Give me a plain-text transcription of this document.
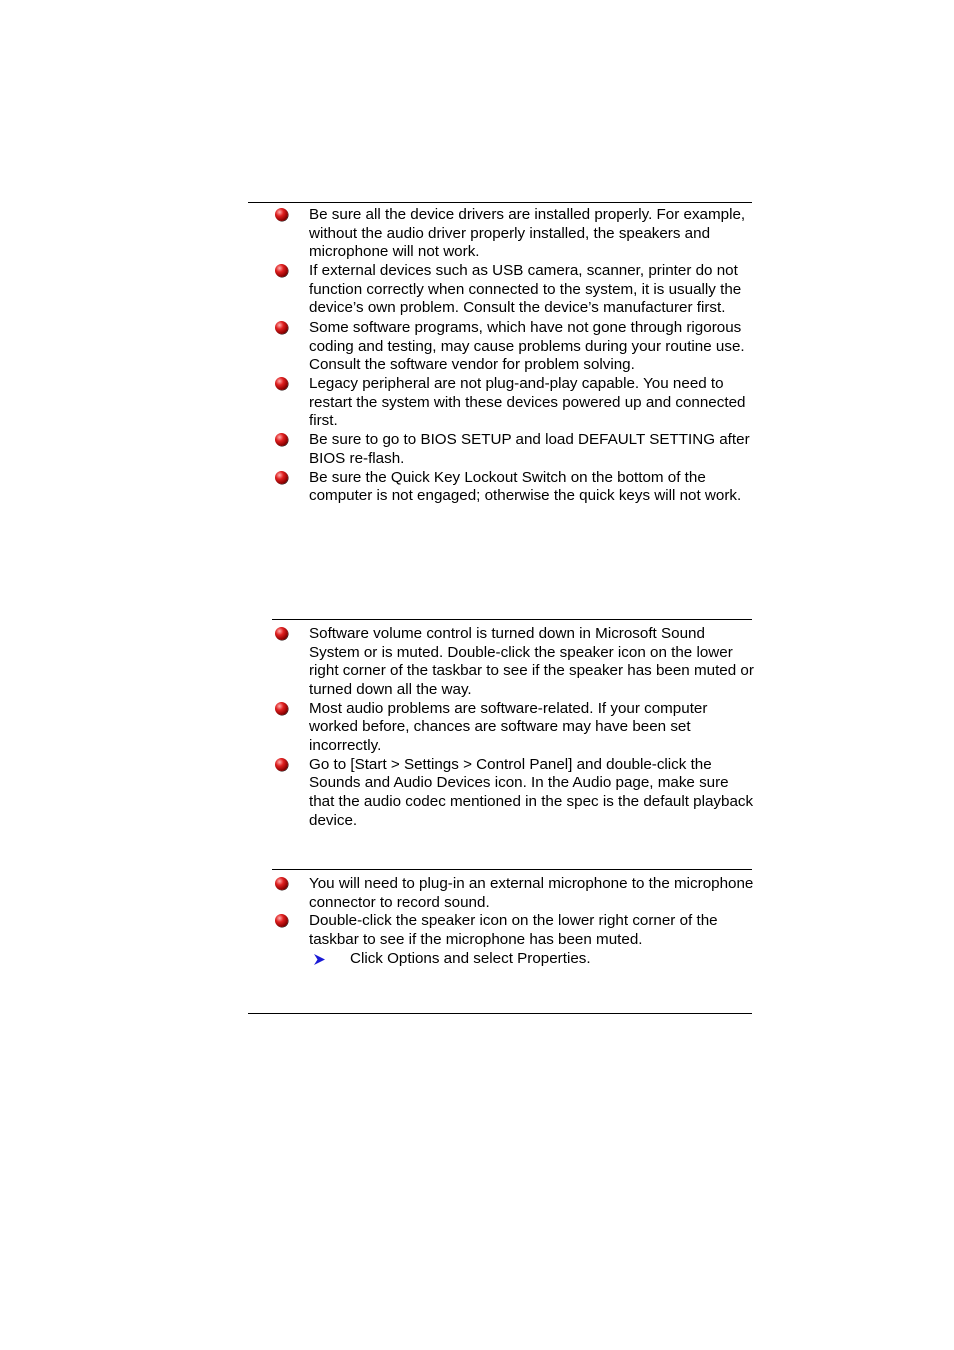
Be sure all the device drivers are installed properly. For example, without the audio driver properly installed, the speakers and microphone will not work.

If external devices such as USB camera, scanner, printer do not function correctly when connected to the system, it is usually the device’s own problem. Consult the device’s manufacturer first.

Some software programs, which have not gone through rigorous coding and testing, may cause problems during your routine use. Consult the software vendor for problem solving.

Legacy peripheral are not plug-and-play capable. You need to restart the system with these devices powered up and connected first.

Be sure to go to BIOS SETUP and load DEFAULT SETTING after BIOS re-flash.

Be sure the Quick Key Lockout Switch on the bottom of the computer is not engaged; otherwise the quick keys will not work.

Software volume control is turned down in Microsoft Sound System or is muted. Double-click the speaker icon on the lower right corner of the taskbar to see if the speaker has been muted or turned down all the way.

Most audio problems are software-related. If your computer worked before, chances are software may have been set incorrectly.

Go to [Start > Settings > Control Panel] and double-click the Sounds and Audio Devices icon. In the Audio page, make sure that the audio codec mentioned in the spec is the default playback device.

You will need to plug-in an external microphone to the microphone connector to record sound.

Double-click the speaker icon on the lower right corner of the taskbar to see if the microphone has been muted.

Click Options and select Properties.
